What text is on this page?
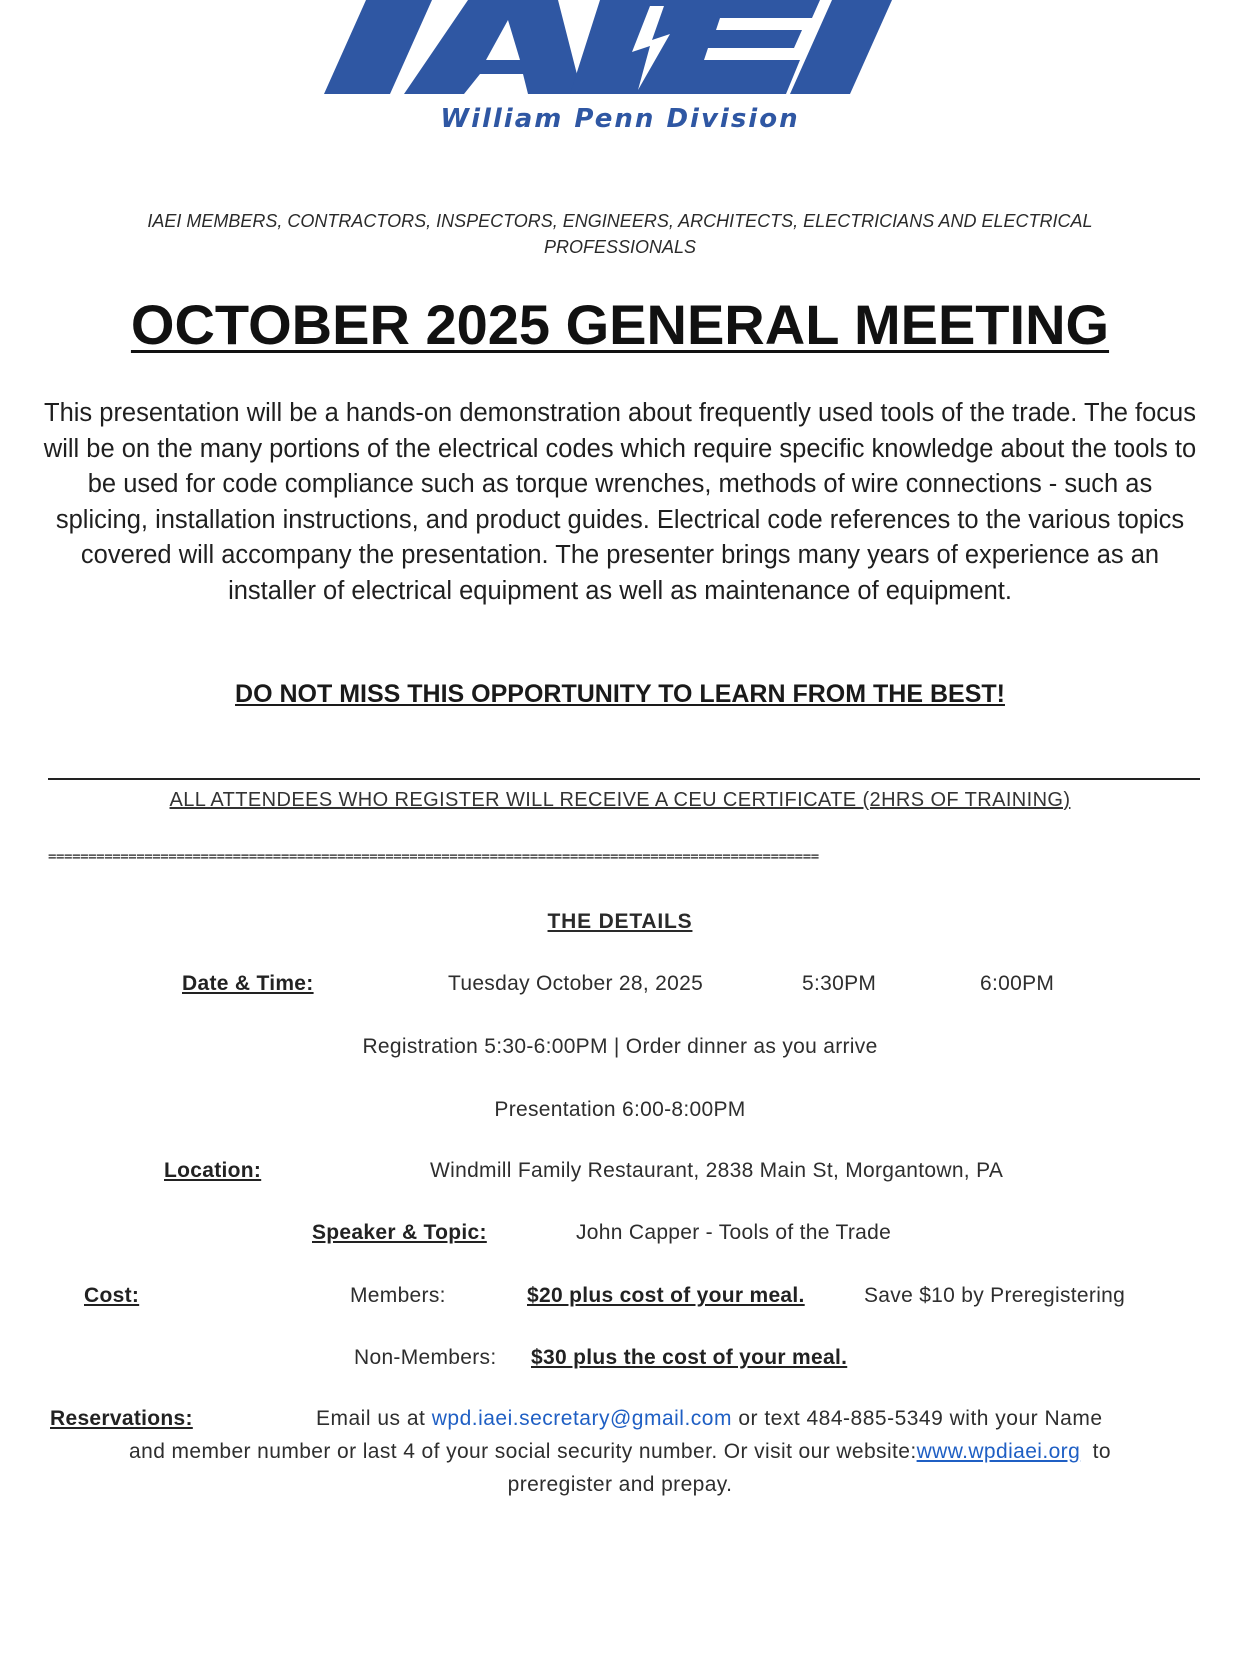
William Penn Division
IAEI MEMBERS, CONTRACTORS, INSPECTORS, ENGINEERS, ARCHITECTS, ELECTRICIANS AND ELECTRICAL PROFESSIONALS
OCTOBER 2025 GENERAL MEETING
This presentation will be a hands-on demonstration about frequently used tools of the trade. The focus will be on the many portions of the electrical codes which require specific knowledge about the tools to be used for code compliance such as torque wrenches, methods of wire connections - such as splicing, installation instructions, and product guides. Electrical code references to the various topics covered will accompany the presentation. The presenter brings many years of experience as an installer of electrical equipment as well as maintenance of equipment.
DO NOT MISS THIS OPPORTUNITY TO LEARN FROM THE BEST!
ALL ATTENDEES WHO REGISTER WILL RECEIVE A CEU CERTIFICATE (2HRS OF TRAINING)
================================================================================================
THE DETAILS
Date & Time:	Tuesday October 28, 2025	5:30PM	6:00PM
Registration 5:30-6:00PM | Order dinner as you arrive
Presentation 6:00-8:00PM
Location:	Windmill Family Restaurant, 2838 Main St, Morgantown, PA
Speaker & Topic:	John Capper - Tools of the Trade
Cost:	Members:	$20 plus cost of your meal.	Save $10 by Preregistering
Non-Members: $30 plus the cost of your meal.
Reservations:	Email us at wpd.iaei.secretary@gmail.com or text 484-885-5349 with your Name
and member number or last 4 of your social security number. Or visit our website:www.wpdiaei.org to
preregister and prepay.
